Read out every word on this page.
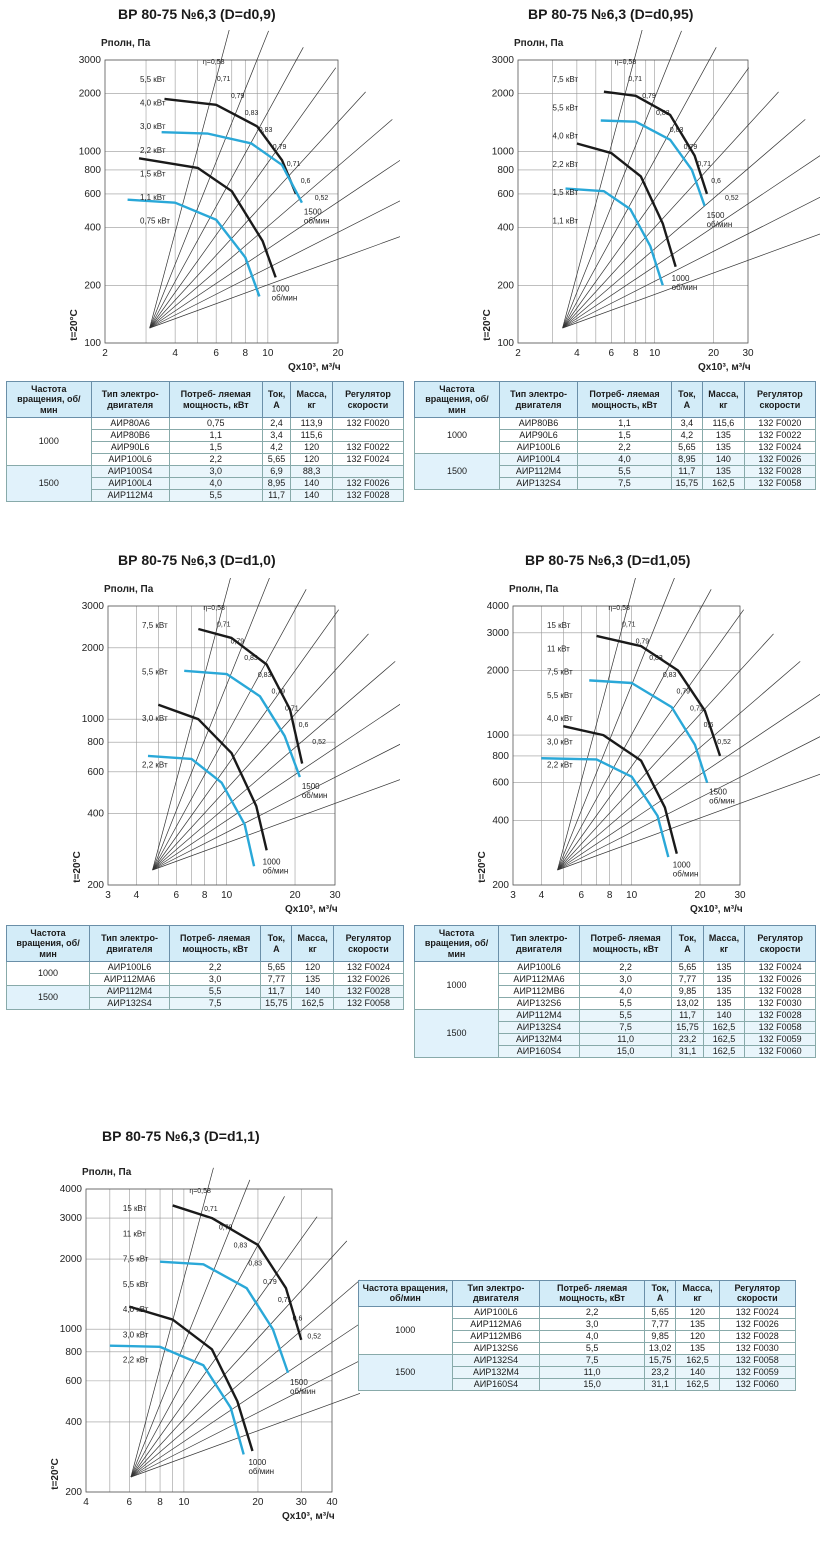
ВР 80-75 №6,3 (D=d0,9)	ВР 80-75 №6,3 (D=d0,95)
ВР 80-75 №6,3 (D=d1,0)	ВР 80-75 №6,3 (D=d1,05)
ВР 80-75 №6,3 (D=d1,1)
100
200
400
600
800
1000
2000
3000
2	4	6 8 10	20
η=0,58
0,71
0,79
0,83
0,83
0,79
0,71
0,6
0,52
5,5 кВт
4,0 кВт
3,0 кВт
2,2 кВт
1,5 кВт
1,1 кВт
0,75 кВт
1500
об/мин
1000
об/мин
Pполн, Па
Qx10³, м³/ч
t=20°C
100
200
400
600
800
1000
2000
3000
2	4	6 8 10	20 30
η=0,58
0,71
0,79
0,83
0,83
0,79
0,71
0,6
0,52
7,5 кВт
5,5 кВт
4,0 кВт
2,2 кВт
1,5 кВт
1,1 кВт
1500
об/мин
1000
об/мин
Pполн, Па
Qx10³, м³/ч
t=20°C
200
400
600
800
1000
2000
3000
3 4	6 8 10	20	30
η=0,58
0,71
0,79
0,83
0,83
0,79
0,71
0,6
0,52
7,5 кВт
5,5 кВт
3,0 кВт
2,2 кВт
1500
об/мин
1000
об/мин
Pполн, Па
Qx10³, м³/ч
t=20°C
200
400
600
800
1000
2000
3000
4000
3 4	6 8 10	20	30
η=0,58
0,71
0,79
0,83
0,83
0,79
0,71
0,6
0,52
15 кВт
11 кВт
7,5 кВт
5,5 кВт
4,0 кВт
3,0 кВт
2,2 кВт
1500
об/мин
1000
об/мин
Pполн, Па
Qx10³, м³/ч
t=20°C
200
400
600
800
1000
2000
3000
4000
4	6	8 10	20	30 40
η=0,58
0,71
0,79
0,83
0,83
0,79
0,71
0,6
0,52
15 кВт
11 кВт
7,5 кВт
5,5 кВт
4,0 кВт
3,0 кВт
2,2 кВт
1500
об/мин
1000
об/мин
Pполн, Па
Qx10³, м³/ч
t=20°C
Частота вращения, об/мин	Тип электро- двигателя	Потреб- ляемая мощность, кВт	Ток, А	Масса, кг	Регулятор скорости
1000	АИР80А6	0,75	2,4	113,9	132 F0020
	АИР80В6	1,1	3,4	115,6	
	АИР90L6	1,5	4,2	120	132 F0022
	АИР100L6	2,2	5,65	120	132 F0024
1500	АИР100S4	3,0	6,9	88,3	
	АИР100L4	4,0	8,95	140	132 F0026
	АИР112М4	5,5	11,7	140	132 F0028
Частота вращения, об/мин	Тип электро- двигателя	Потреб- ляемая мощность, кВт	Ток, А	Масса, кг	Регулятор скорости
1000	АИР80В6	1,1	3,4	115,6	132 F0020
	АИР90L6	1,5	4,2	135	132 F0022
	АИР100L6	2,2	5,65	135	132 F0024
1500	АИР100L4	4,0	8,95	140	132 F0026
	АИР112М4	5,5	11,7	135	132 F0028
	АИР132S4	7,5	15,75	162,5	132 F0058
Частота вращения, об/мин	Тип электро- двигателя	Потреб- ляемая мощность, кВт	Ток, А	Масса, кг	Регулятор скорости
1000	АИР100L6	2,2	5,65	120	132 F0024
	АИР112МА6	3,0	7,77	135	132 F0026
1500	АИР112М4	5,5	11,7	140	132 F0028
	АИР132S4	7,5	15,75	162,5	132 F0058
Частота вращения, об/мин	Тип электро- двигателя	Потреб- ляемая мощность, кВт	Ток, А	Масса, кг	Регулятор скорости
1000	АИР100L6	2,2	5,65	135	132 F0024
	АИР112МА6	3,0	7,77	135	132 F0026
	АИР112МВ6	4,0	9,85	135	132 F0028
	АИР132S6	5,5	13,02	135	132 F0030
1500	АИР112М4	5,5	11,7	140	132 F0028
	АИР132S4	7,5	15,75	162,5	132 F0058
	АИР132М4	11,0	23,2	162,5	132 F0059
	АИР160S4	15,0	31,1	162,5	132 F0060
Частота вращения, об/мин	Тип электро- двигателя	Потреб- ляемая мощность, кВт	Ток, А	Масса, кг	Регулятор скорости
1000	АИР100L6	2,2	5,65	120	132 F0024
	АИР112МА6	3,0	7,77	135	132 F0026
	АИР112МВ6	4,0	9,85	120	132 F0028
	АИР132S6	5,5	13,02	135	132 F0030
1500	АИР132S4	7,5	15,75	162,5	132 F0058
	АИР132М4	11,0	23,2	140	132 F0059
	АИР160S4	15,0	31,1	162,5	132 F0060
